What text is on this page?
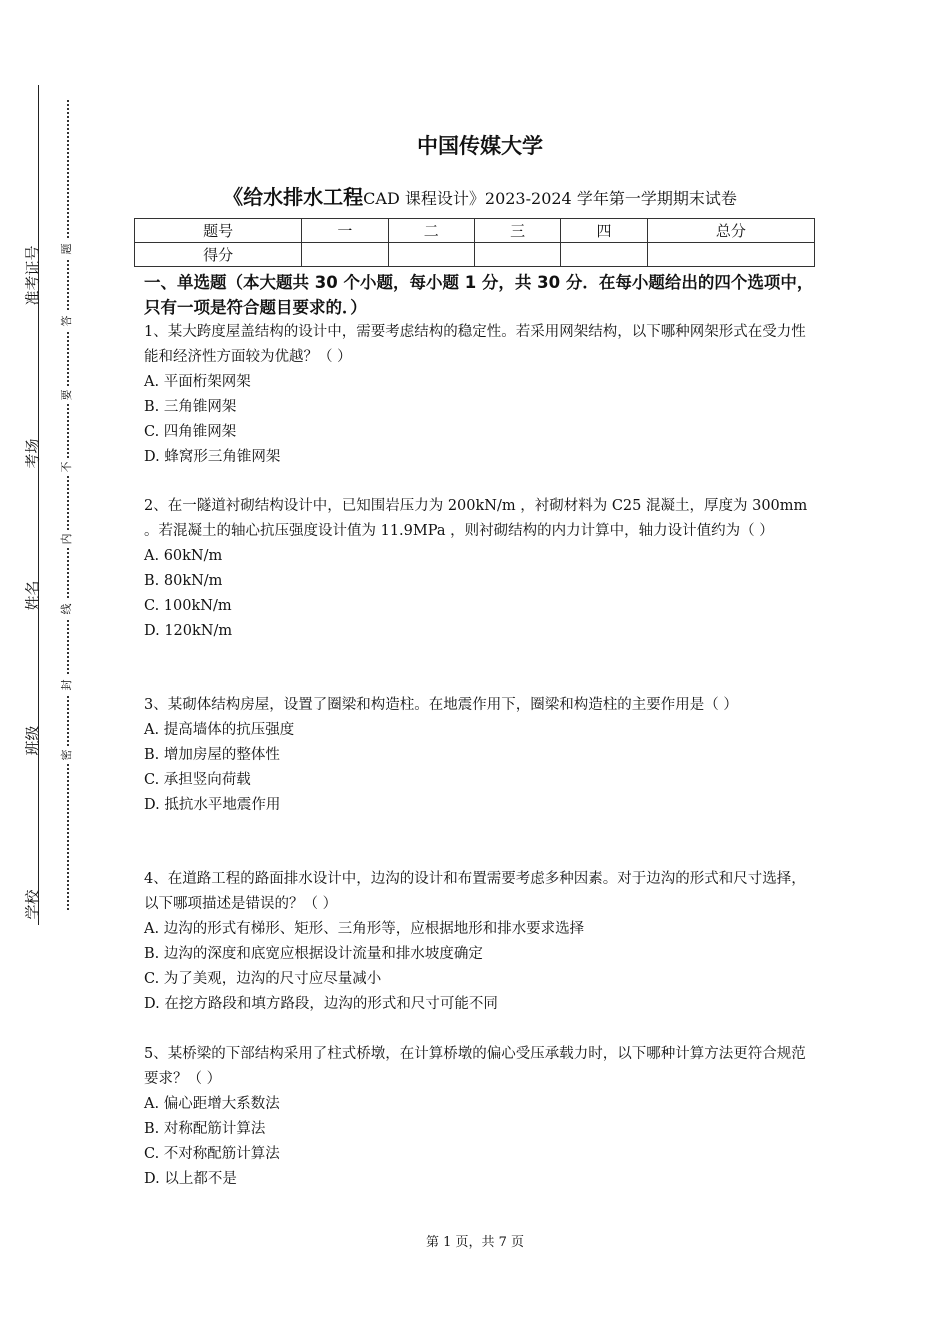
准考证号
考场
姓名
班级
学校
题
答
要
不
内
线
封
密
中国传媒大学
《给水排水工程CAD 课程设计》2023-2024 学年第一学期期末试卷
题号	一	二	三	四	总分
得分					
一、单选题（本大题共 30 个小题，每小题 1 分，共 30 分．在每小题给出的四个选项中，只有一项是符合题目要求的．）

1、某大跨度屋盖结构的设计中，需要考虑结构的稳定性。若采用网架结构，以下哪种网架形式在受力性能和经济性方面较为优越？（ ）

A. 平面桁架网架

B. 三角锥网架

C. 四角锥网架

D. 蜂窝形三角锥网架

2、在一隧道衬砌结构设计中，已知围岩压力为 200kN/m ，衬砌材料为 C25 混凝土，厚度为 300mm 。若混凝土的轴心抗压强度设计值为 11.9MPa ，则衬砌结构的内力计算中，轴力设计值约为（ ）

A. 60kN/m

B. 80kN/m

C. 100kN/m

D. 120kN/m

3、某砌体结构房屋，设置了圈梁和构造柱。在地震作用下，圈梁和构造柱的主要作用是（ ）

A. 提高墙体的抗压强度

B. 增加房屋的整体性

C. 承担竖向荷载

D. 抵抗水平地震作用

4、在道路工程的路面排水设计中，边沟的设计和布置需要考虑多种因素。对于边沟的形式和尺寸选择，以下哪项描述是错误的？（ ）

A. 边沟的形式有梯形、矩形、三角形等，应根据地形和排水要求选择

B. 边沟的深度和底宽应根据设计流量和排水坡度确定

C. 为了美观，边沟的尺寸应尽量减小

D. 在挖方路段和填方路段，边沟的形式和尺寸可能不同

5、某桥梁的下部结构采用了柱式桥墩，在计算桥墩的偏心受压承载力时，以下哪种计算方法更符合规范要求？（ ）

A. 偏心距增大系数法

B. 对称配筋计算法

C. 不对称配筋计算法

D. 以上都不是

第 1 页，共 7 页
